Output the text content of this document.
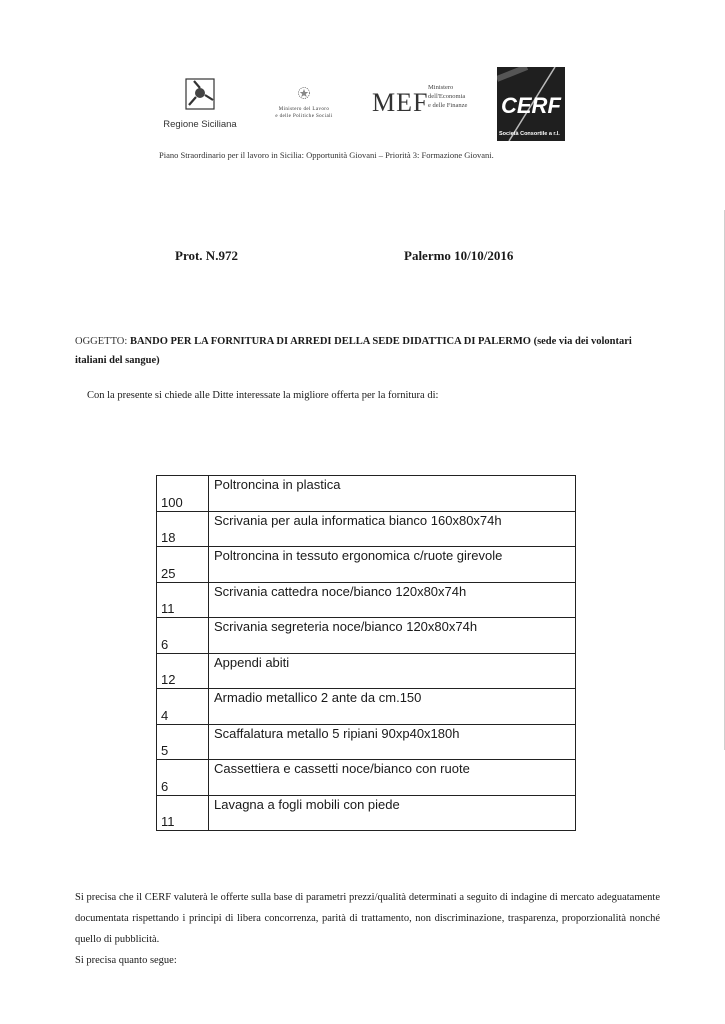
Regione Siciliana
Ministero del Lavoro
e delle Politiche Sociali	MEF
Ministero
dell'Economia
e delle Finanze CERF
Società Consortile a r.l.
Piano Straordinario per il lavoro in Sicilia: Opportunità Giovani – Priorità 3: Formazione Giovani.
Prot. N.972	Palermo 10/10/2016
OGGETTO: BANDO PER LA FORNITURA DI ARREDI DELLA SEDE DIDATTICA DI PALERMO (sede via dei volontari italiani del sangue)
Con la presente si chiede alle Ditte interessate la migliore offerta per la fornitura di:
100	Poltroncina in plastica
18	Scrivania per aula informatica bianco 160x80x74h
25	Poltroncina in tessuto ergonomica c/ruote girevole
11	Scrivania cattedra noce/bianco 120x80x74h
6	Scrivania segreteria noce/bianco 120x80x74h
12	Appendi abiti
4	Armadio metallico 2 ante da cm.150
5	Scaffalatura metallo 5 ripiani 90xp40x180h
6	Cassettiera e cassetti noce/bianco con ruote
11	Lavagna a fogli mobili con piede

Si precisa che il CERF valuterà le offerte sulla base di parametri prezzi/qualità determinati a seguito di indagine di mercato adeguatamente documentata rispettando i principi di libera concorrenza, parità di trattamento, non discriminazione, trasparenza, proporzionalità nonché quello di pubblicità.

Si precisa quanto segue:
